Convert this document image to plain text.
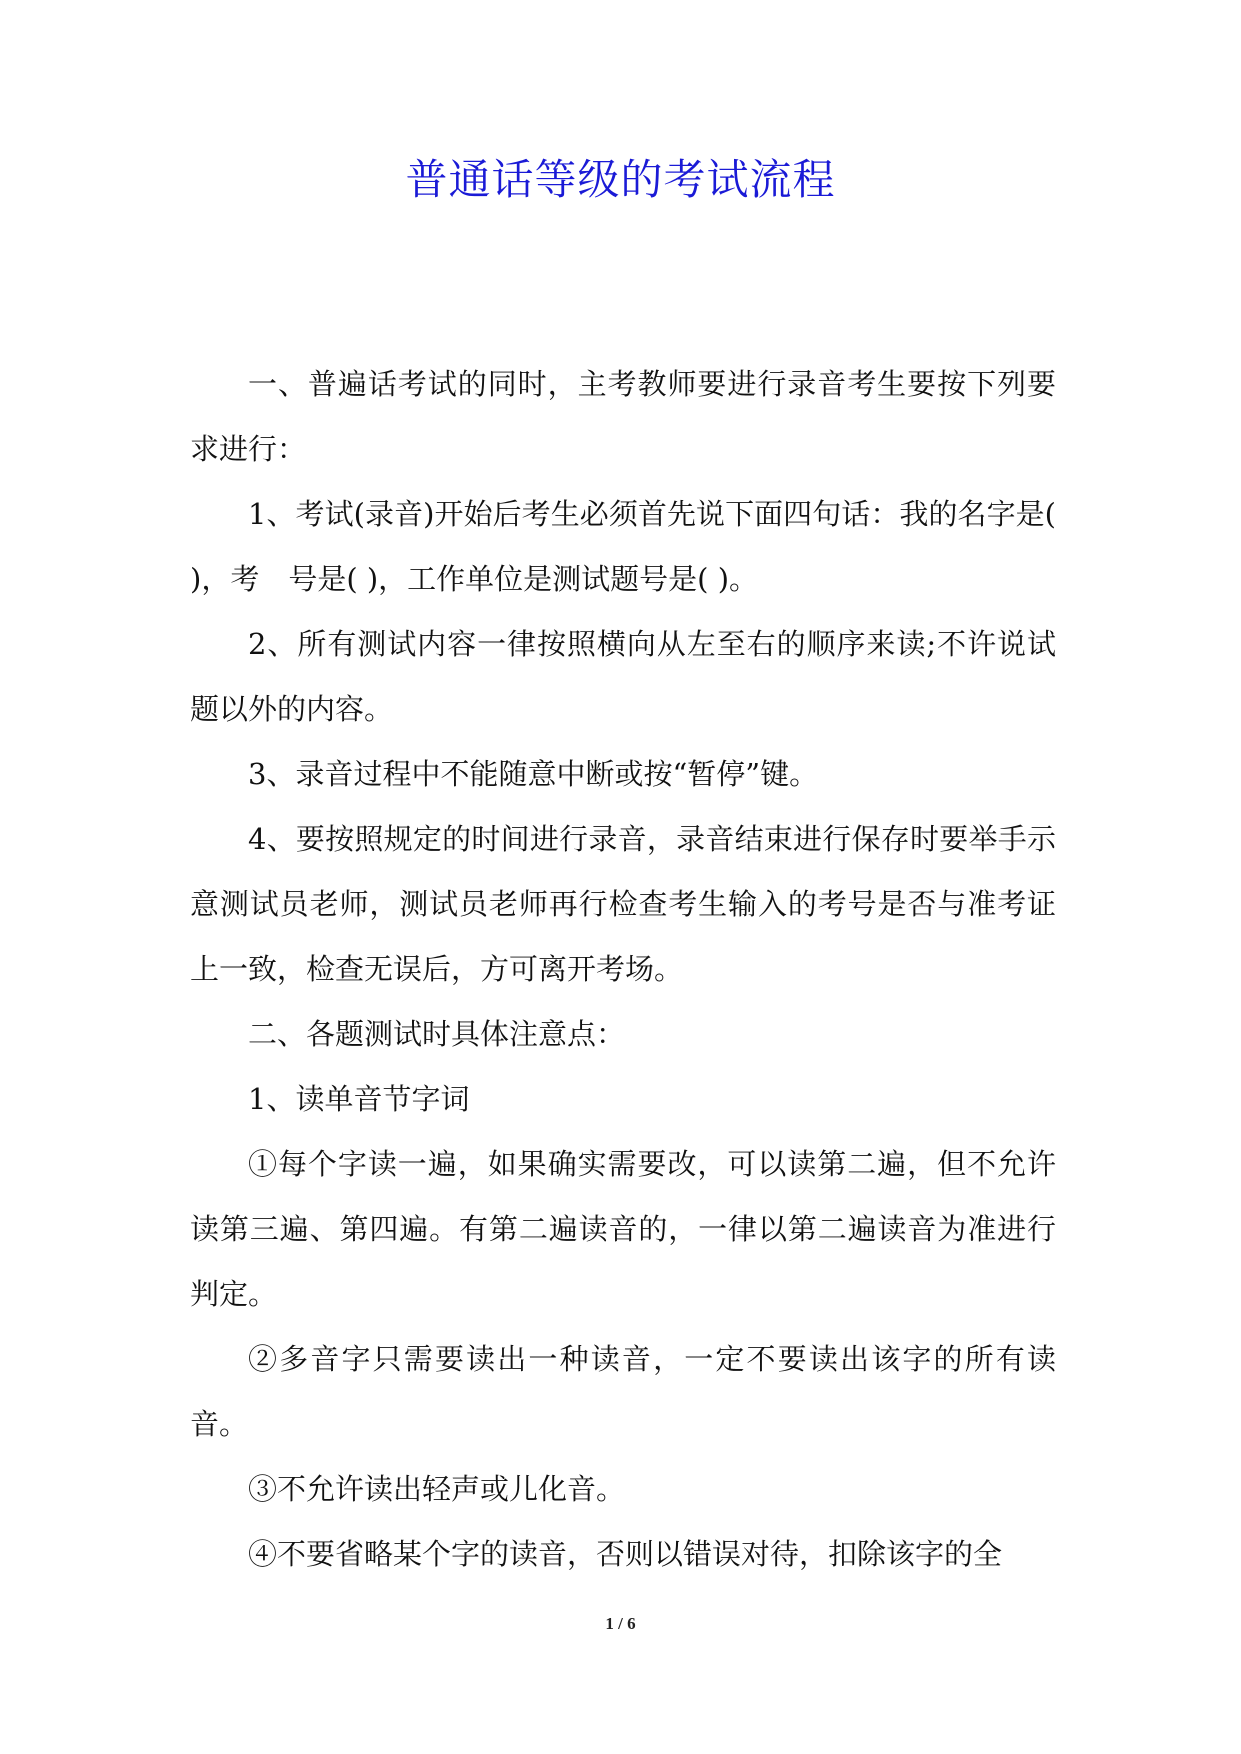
普通话等级的考试流程

一、普遍话考试的同时，主考教师要进行录音考生要按下列要求进行：

1、考试(录音)开始后考生必须首先说下面四句话：我的名字是( )，考　号是( )，工作单位是测试题号是( )。

2、所有测试内容一律按照横向从左至右的顺序来读;不许说试题以外的内容。

3、录音过程中不能随意中断或按“暂停”键。

4、要按照规定的时间进行录音，录音结束进行保存时要举手示意测试员老师，测试员老师再行检查考生输入的考号是否与准考证上一致，检查无误后，方可离开考场。

二、各题测试时具体注意点：

1、读单音节字词

①每个字读一遍，如果确实需要改，可以读第二遍，但不允许读第三遍、第四遍。有第二遍读音的，一律以第二遍读音为准进行判定。

②多音字只需要读出一种读音，一定不要读出该字的所有读音。

③不允许读出轻声或儿化音。

④不要省略某个字的读音，否则以错误对待，扣除该字的全

1 / 6
